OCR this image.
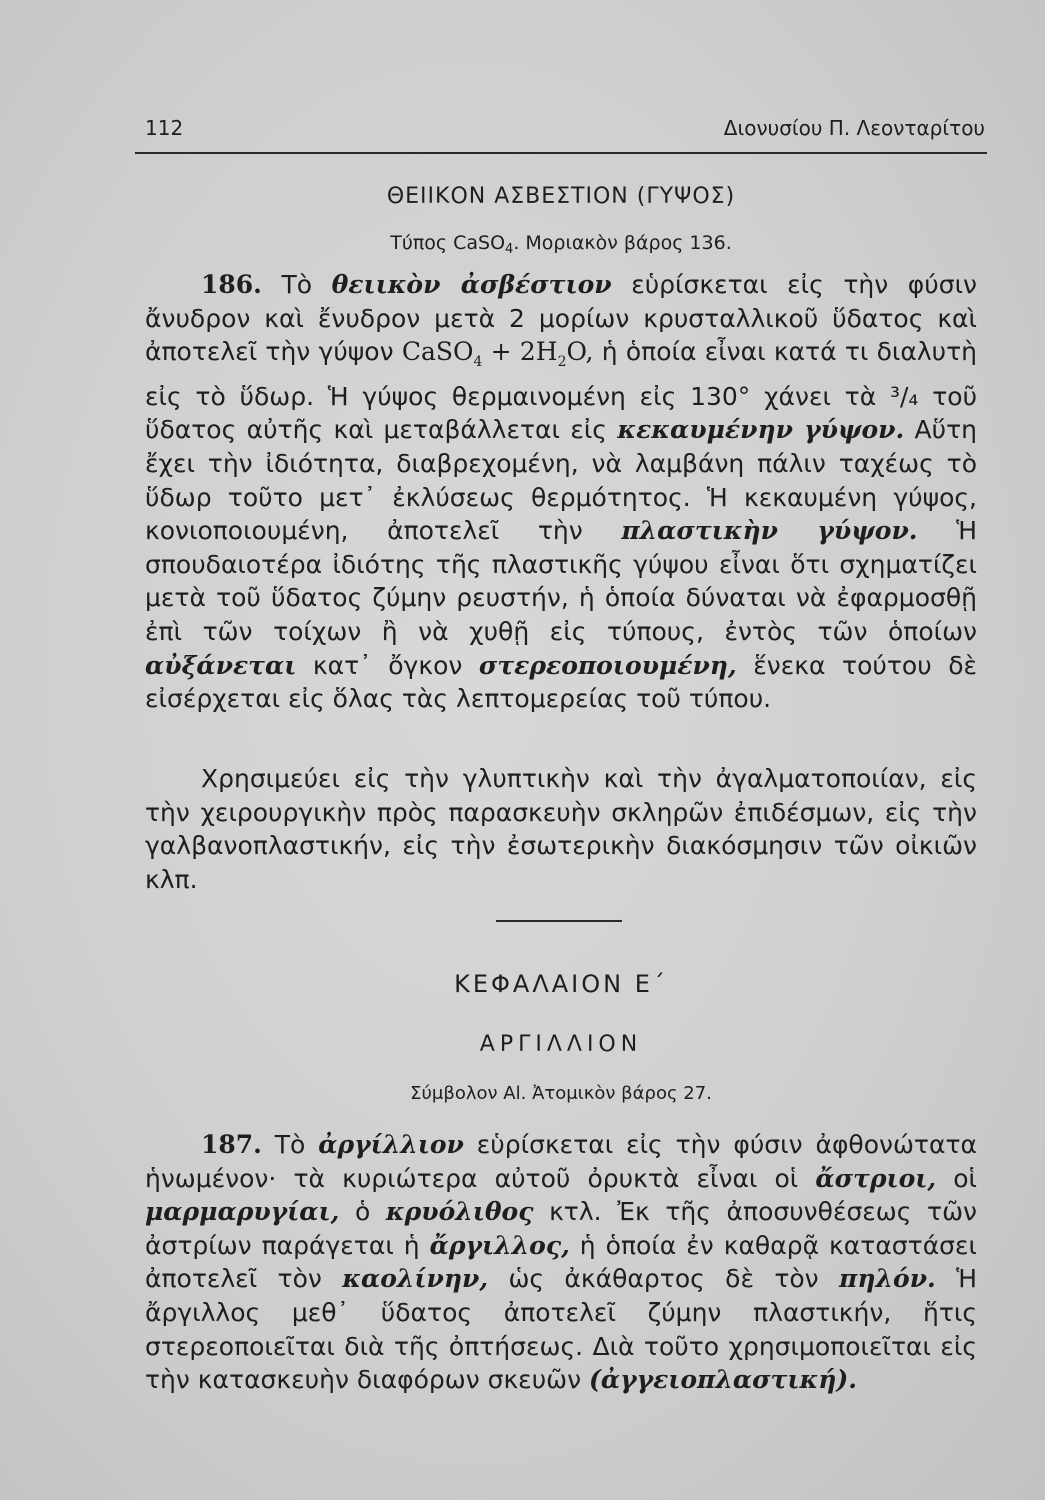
112	Διονυσίου Π. Λεονταρίτου
ΘΕΙΙΚΟΝ ΑΣΒΕΣΤΙΟΝ (ΓΥΨΟΣ)
Τύπος CaSO$_4$. Μοριακὸν βάρος 136.

186. Τὸ θειικὸν ἀσβέστιον εὑρίσκεται εἰς τὴν φύσιν ἄνυδρον καὶ ἔνυδρον μετὰ 2 μορίων κρυσταλλικοῦ ὕδατος καὶ ἀποτελεῖ τὴν γύψον CaSO$_4$ + $2H_2O$, ἡ ὁποία εἶναι κατά τι διαλυτὴ εἰς τὸ ὕδωρ. Ἡ γύψος θερμαινομένη εἰς 130° χάνει τὰ ³/₄ τοῦ ὕδατος αὐτῆς καὶ μεταβάλλεται εἰς κεκαυμένην γύψον. Αὕτη ἔχει τὴν ἰδιότητα, διαβρεχομένη, νὰ λαμβάνη πάλιν ταχέως τὸ ὕδωρ τοῦτο μετ᾿ ἐκλύσεως θερμότητος. Ἡ κεκαυμένη γύψος, κονιοποιουμένη, ἀποτελεῖ τὴν πλαστικὴν γύψον. Ἡ σπουδαιοτέρα ἰδιότης τῆς πλαστικῆς γύψου εἶναι ὅτι σχηματίζει μετὰ τοῦ ὕδατος ζύμην ρευστήν, ἡ ὁποία δύναται νὰ ἐφαρμοσθῇ ἐπὶ τῶν τοίχων ἢ νὰ χυθῇ εἰς τύπους, ἐντὸς τῶν ὁποίων αὐξάνεται κατ᾿ ὄγκον στερεοποιουμένη, ἕνεκα τούτου δὲ εἰσέρχεται εἰς ὅλας τὰς λεπτομερείας τοῦ τύπου.

Χρησιμεύει εἰς τὴν γλυπτικὴν καὶ τὴν ἀγαλματοποιίαν, εἰς τὴν χειρουργικὴν πρὸς παρασκευὴν σκληρῶν ἐπιδέσμων, εἰς τὴν γαλβανοπλαστικήν, εἰς τὴν ἐσωτερικὴν διακόσμησιν τῶν οἰκιῶν κλπ.

ΚΕΦΑΛΑΙΟΝ Ε΄
ΑΡΓΙΛΛΙΟΝ
Σύμβολον Al. Ἀτομικὸν βάρος 27.

187. Τὸ ἀργίλλιον εὑρίσκεται εἰς τὴν φύσιν ἀφθονώτατα ἡνωμένον· τὰ κυριώτερα αὐτοῦ ὀρυκτὰ εἶναι οἱ ἄστριοι, οἱ μαρμαρυγίαι, ὁ κρυόλιθος κτλ. Ἐκ τῆς ἀποσυνθέσεως τῶν ἀστρίων παράγεται ἡ ἄργιλλος, ἡ ὁποία ἐν καθαρᾷ καταστάσει ἀποτελεῖ τὸν καολίνην, ὡς ἀκάθαρτος δὲ τὸν πηλόν. Ἡ ἄργιλλος μεθ᾿ ὕδατος ἀποτελεῖ ζύμην πλαστικήν, ἥτις στερεοποιεῖται διὰ τῆς ὀπτήσεως. Διὰ τοῦτο χρησιμοποιεῖται εἰς τὴν κατασκευὴν διαφόρων σκευῶν (ἀγγειοπλαστική).
